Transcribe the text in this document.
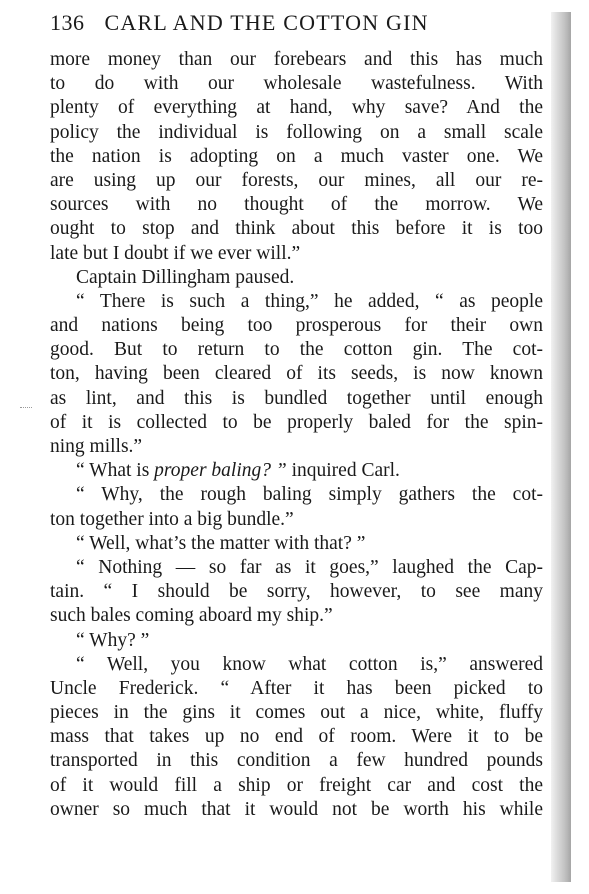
136 CARL AND THE COTTON GIN
more money than our forebears and this has much
to do with our wholesale wastefulness. With
plenty of everything at hand, why save? And the
policy the individual is following on a small scale
the nation is adopting on a much vaster one. We
are using up our forests, our mines, all our re-
sources with no thought of the morrow. We
ought to stop and think about this before it is too
late but I doubt if we ever will.”
Captain Dillingham paused.
“ There is such a thing,” he added, “ as people
and nations being too prosperous for their own
good. But to return to the cotton gin. The cot-
ton, having been cleared of its seeds, is now known
as lint, and this is bundled together until enough
of it is collected to be properly baled for the spin-
ning mills.”
“ What is proper baling? ” inquired Carl.
“ Why, the rough baling simply gathers the cot-
ton together into a big bundle.”
“ Well, what’s the matter with that? ”
“ Nothing — so far as it goes,” laughed the Cap-
tain. “ I should be sorry, however, to see many
such bales coming aboard my ship.”
“ Why? ”
“ Well, you know what cotton is,” answered
Uncle Frederick. “ After it has been picked to
pieces in the gins it comes out a nice, white, fluffy
mass that takes up no end of room. Were it to be
transported in this condition a few hundred pounds
of it would fill a ship or freight car and cost the
owner so much that it would not be worth his while
